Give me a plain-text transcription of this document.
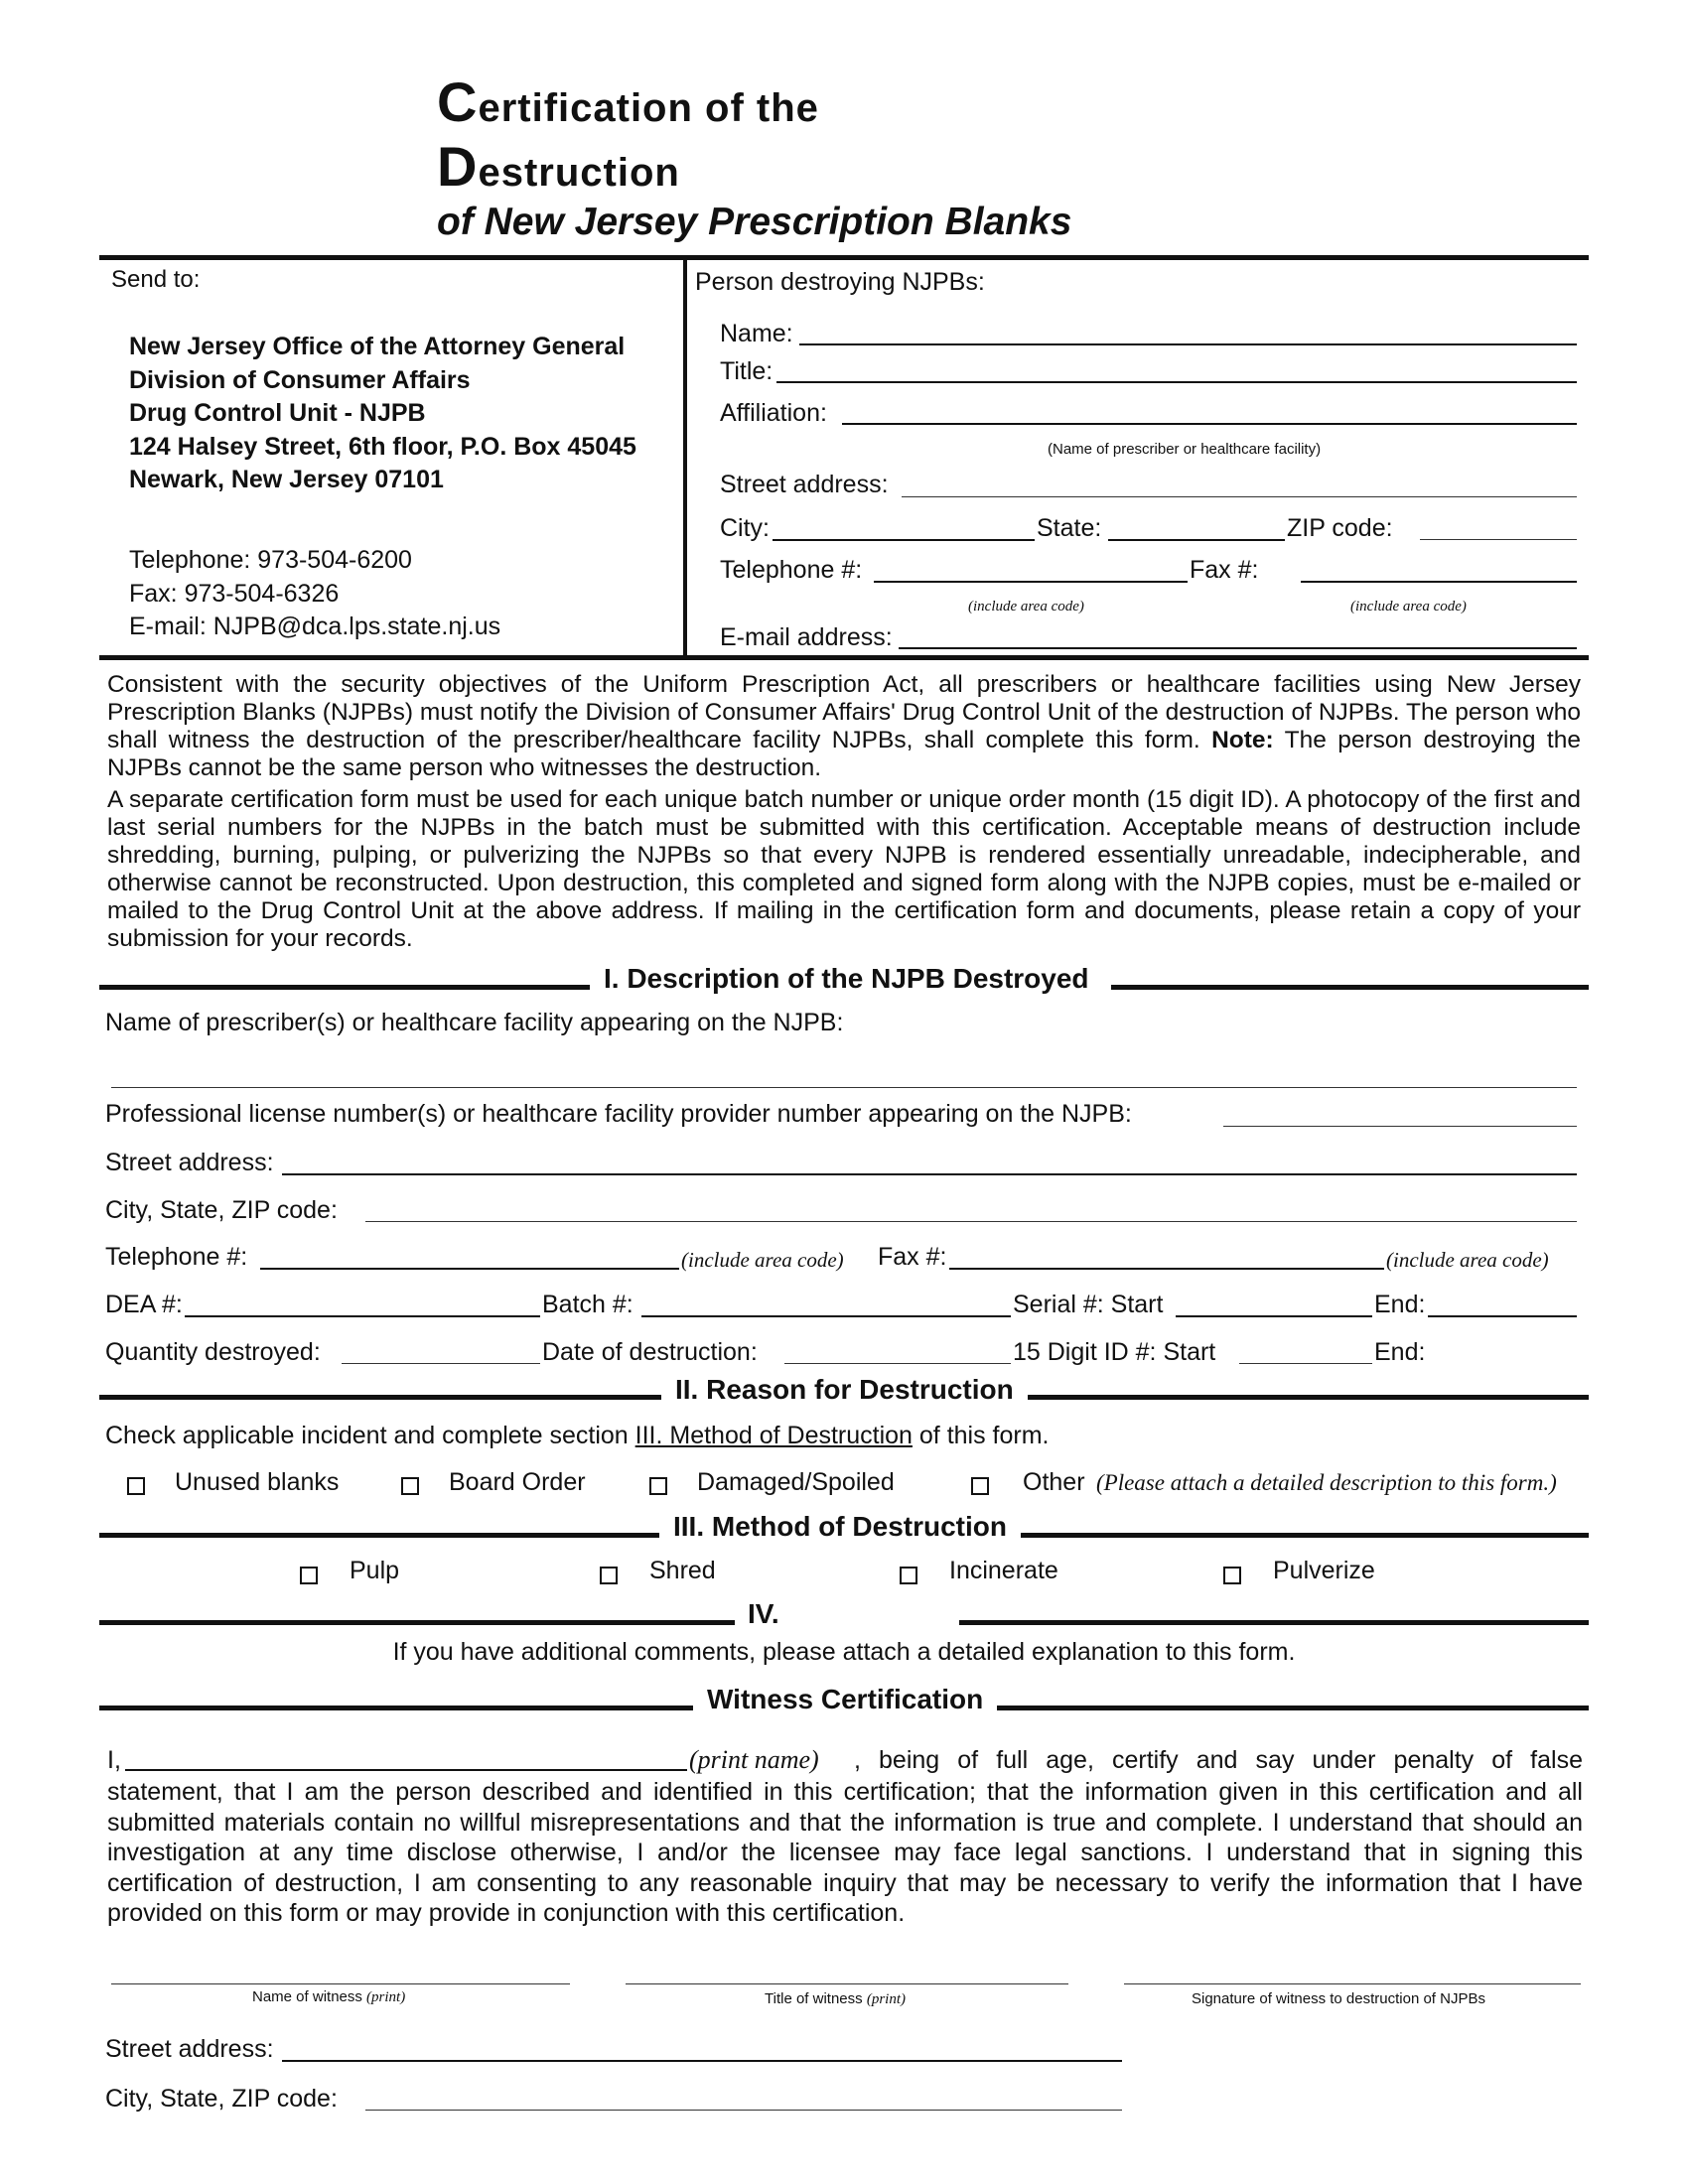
Certification of the
Destruction
of New Jersey Prescription Blanks
Send to:
New Jersey Office of the Attorney General
Division of Consumer Affairs
Drug Control Unit - NJPB
124 Halsey Street, 6th floor, P.O. Box 45045
Newark, New Jersey 07101
Telephone: 973-504-6200
Fax: 973-504-6326
E-mail: NJPB@dca.lps.state.nj.us
Person destroying NJPBs:
Name:
Title:
Affiliation:
(Name of prescriber or healthcare facility)
Street address:
City:	State:	ZIP code:
Telephone #:	Fax #:
(include area code)	(include area code)
E-mail address:
Consistent with the security objectives of the Uniform Prescription Act, all prescribers or healthcare facilities using New Jersey Prescription Blanks (NJPBs) must notify the Division of Consumer Affairs' Drug Control Unit of the destruction of NJPBs. The person who shall witness the destruction of the prescriber/healthcare facility NJPBs, shall complete this form. Note: The person destroying the NJPBs cannot be the same person who witnesses the destruction.
A separate certification form must be used for each unique batch number or unique order month (15 digit ID). A photocopy of the first and last serial numbers for the NJPBs in the batch must be submitted with this certification. Acceptable means of destruction include shredding, burning, pulping, or pulverizing the NJPBs so that every NJPB is rendered essentially unreadable, indecipherable, and otherwise cannot be reconstructed. Upon destruction, this completed and signed form along with the NJPB copies, must be e-mailed or mailed to the Drug Control Unit at the above address. If mailing in the certification form and documents, please retain a copy of your submission for your records.
I. Description of the NJPB Destroyed
Name of prescriber(s) or healthcare facility appearing on the NJPB:
Professional license number(s) or healthcare facility provider number appearing on the NJPB:
Street address:
City, State, ZIP code:
Telephone #:	(include area code) Fax #:	(include area code)
DEA #:	Batch #:	Serial #: Start	End:
Quantity destroyed:	Date of destruction:	15 Digit ID #: Start	End:
II. Reason for Destruction
Check applicable incident and complete section III. Method of Destruction of this form.
Unused blanks	Board Order	Damaged/Spoiled	Other (Please attach a detailed description to this form.)
III. Method of Destruction
Pulp	Shred	Incinerate	Pulverize
IV.
If you have additional comments, please attach a detailed explanation to this form.
Witness Certification
I,	(print name) , being of full age, certify and say under penalty of false
statement, that I am the person described and identified in this certification; that the information given in this certification and all submitted materials contain no willful misrepresentations and that the information is true and complete. I understand that should an investigation at any time disclose otherwise, I and/or the licensee may face legal sanctions. I understand that in signing this certification of destruction, I am consenting to any reasonable inquiry that may be necessary to verify the information that I have provided on this form or may provide in conjunction with this certification.
Name of witness (print)	Title of witness (print)	Signature of witness to destruction of NJPBs
Street address:
City, State, ZIP code:
